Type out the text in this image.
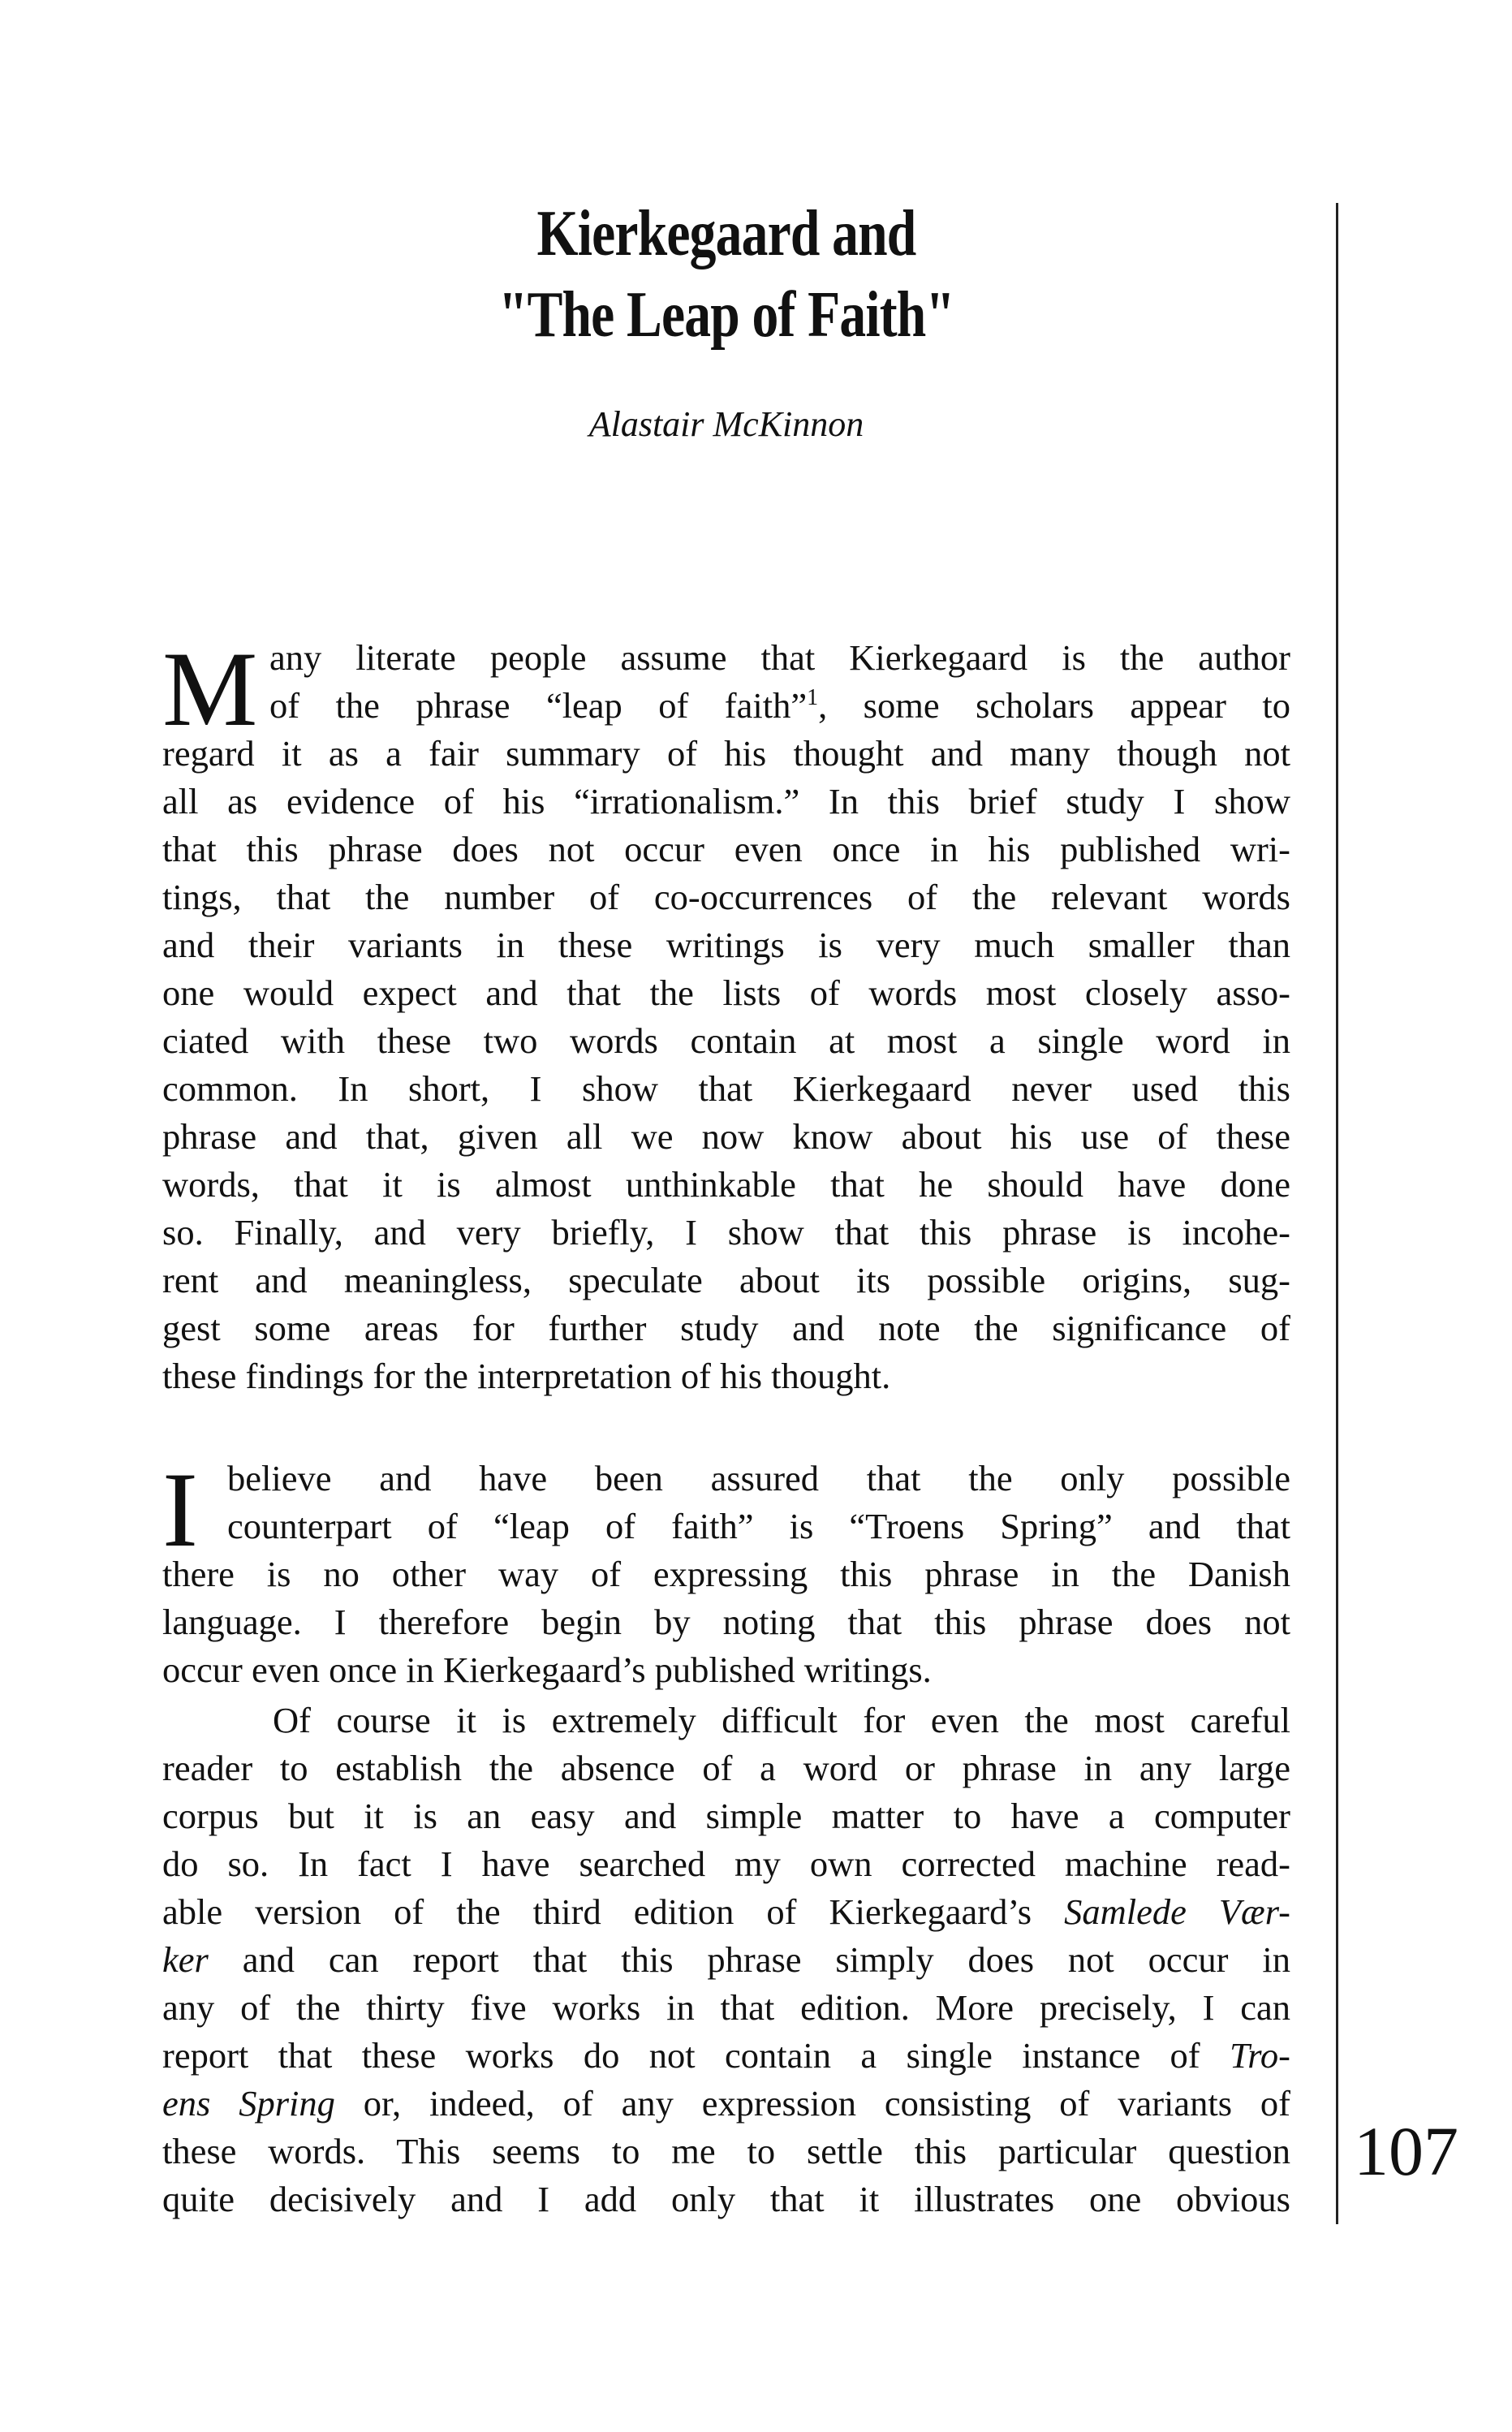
Kierkegaard and
"The Leap of Faith"
Alastair McKinnon
M any literate people assume that Kierkegaard is the author
of the phrase “leap of faith”$^1$, some scholars appear to
regard it as a fair summary of his thought and many though not
all as evidence of his “irrationalism.” In this brief study I show
that this phrase does not occur even once in his published wri-
tings, that the number of co-occurrences of the relevant words
and their variants in these writings is very much smaller than
one would expect and that the lists of words most closely asso-
ciated with these two words contain at most a single word in
common. In short, I show that Kierkegaard never used this
phrase and that, given all we now know about his use of these
words, that it is almost unthinkable that he should have done
so. Finally, and very briefly, I show that this phrase is incohe-
rent and meaningless, speculate about its possible origins, sug-
gest some areas for further study and note the significance of
these findings for the interpretation of his thought.
I believe and have been assured that the only possible
counterpart of “leap of faith” is “Troens Spring” and that
there is no other way of expressing this phrase in the Danish
language. I therefore begin by noting that this phrase does not
occur even once in Kierkegaard’s published writings.
Of course it is extremely difficult for even the most careful
reader to establish the absence of a word or phrase in any large
corpus but it is an easy and simple matter to have a computer
do so. In fact I have searched my own corrected machine read-
able version of the third edition of Kierkegaard’s Samlede Vær-
ker and can report that this phrase simply does not occur in
any of the thirty five works in that edition. More precisely, I can
report that these works do not contain a single instance of Tro-
ens Spring or, indeed, of any expression consisting of variants of
these words. This seems to me to settle this particular question
quite decisively and I add only that it illustrates one obvious
107
